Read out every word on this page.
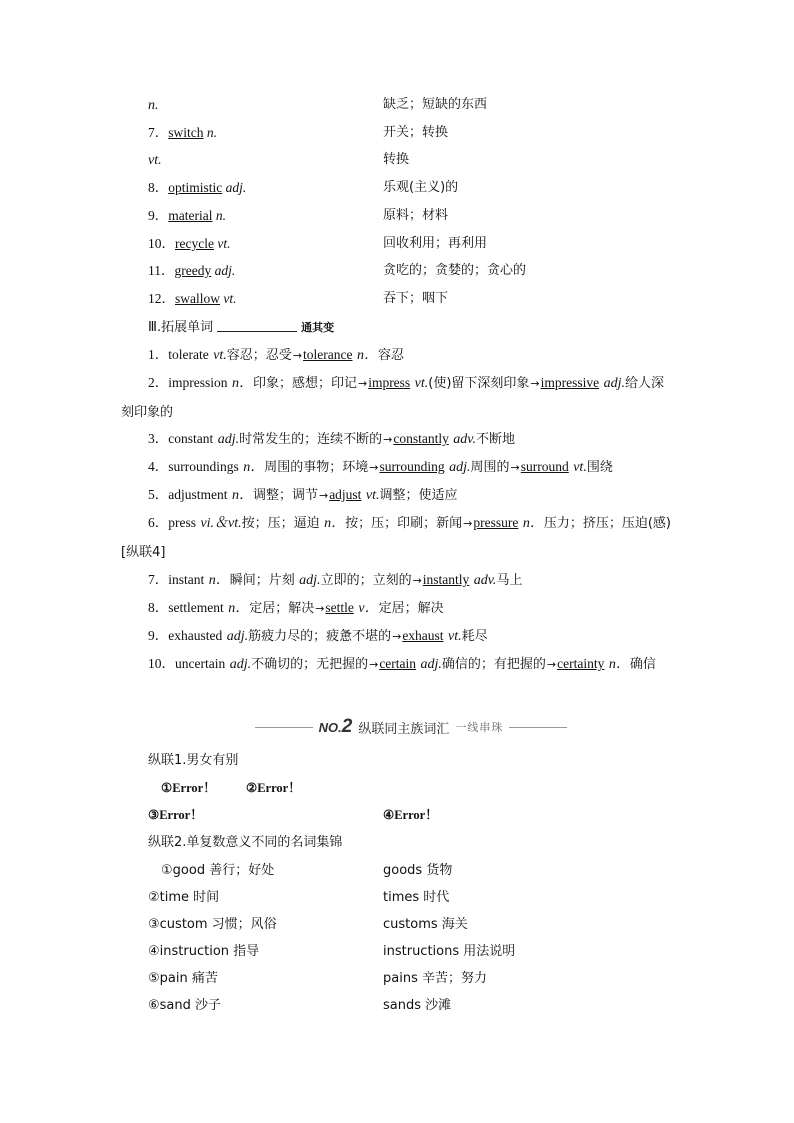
n.	缺乏；短缺的东西
7．switch n.	开关；转换
vt.	转换
8．optimistic adj.	乐观(主义)的
9．material n.	原料；材料
10．recycle vt.	回收利用；再利用
11．greedy adj.	贪吃的；贪婪的；贪心的
12．swallow vt.	吞下；咽下
Ⅲ.拓展单词	通其变
1．tolerate vt.容忍；忍受→tolerance n．容忍
2．impression n．印象；感想；印记→impress vt.(使)留下深刻印象→impressive adj.给人深刻印象的
3．constant adj.时常发生的；连续不断的→constantly adv.不断地
4．surroundings n．周围的事物；环境→surrounding adj.周围的→surround vt.围绕
5．adjustment n．调整；调节→adjust vt.调整；使适应
6．press vi.＆vt.按；压；逼迫 n．按；压；印刷；新闻→pressure n．压力；挤压；压迫(感)[纵联4]
7．instant n．瞬间；片刻 adj.立即的；立刻的→instantly adv.马上
8．settlement n．定居；解决→settle v．定居；解决
9．exhausted adj.筋疲力尽的；疲惫不堪的→exhaust vt.耗尽
10．uncertain adj.不确切的；无把握的→certain adj.确信的；有把握的→certainty n．确信
NO.2 纵联同主族词汇 一线串珠
纵联1.男女有别
①Error！ ②Error！
③Error！	④Error！
纵联2.单复数意义不同的名词集锦
①good 善行；好处	goods 货物
②time 时间	times 时代
③custom 习惯；风俗	customs 海关
④instruction 指导	instructions 用法说明
⑤pain 痛苦	pains 辛苦；努力
⑥sand 沙子	sands 沙滩
